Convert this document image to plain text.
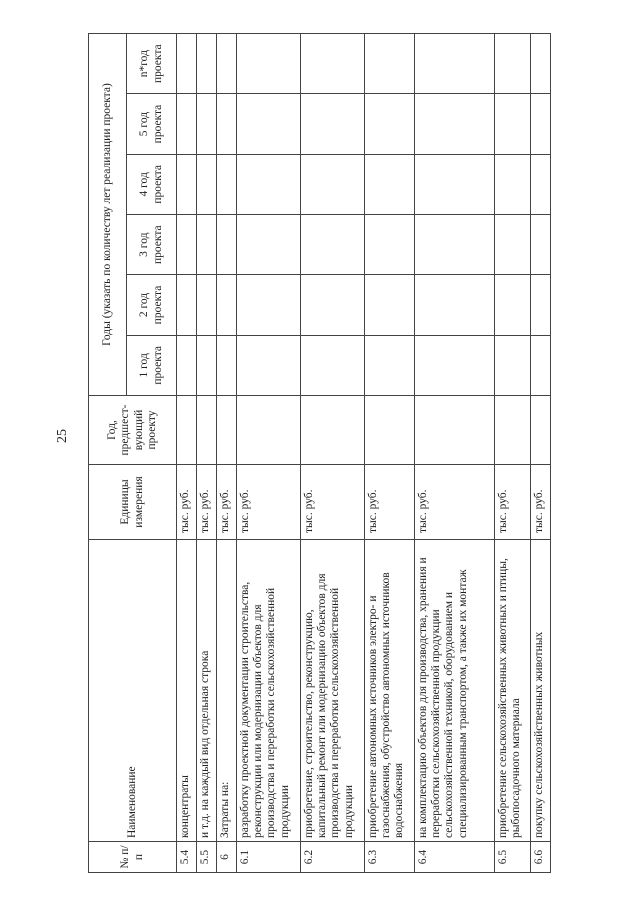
25
№ п/п	Наименование	Единицы измерения	Год, предшест-вующий проекту	Годы (указать по количеству лет реализации проекта)					
				1 год проекта	2 год проекта	3 год проекта	4 год проекта	5 год проекта	n*год проекта
5.4	концентраты	тыс. руб.							
5.5	и т.д. на каждый вид отдельная строка	тыс. руб.							
6	Затраты на:	тыс. руб.							
6.1	разработку проектной документации строительства, реконструкции или модернизации объектов для производства и переработки сельскохозяйственной продукции	тыс. руб.							
6.2	приобретение, строительство, реконструкцию, капитальный ремонт или модернизацию объектов для производства и переработки сельскохозяйственной продукции	тыс. руб.							
6.3	приобретение автономных источников электро- и газоснабжения, обустройство автономных источников водоснабжения	тыс. руб.							
6.4	на комплектацию объектов для производства, хранения и переработки сельскохозяйственной продукции сельскохозяйственной техникой, оборудованием и специализированным транспортом, а также их монтаж	тыс. руб.							
6.5	приобретение сельскохозяйственных животных и птицы, рыбопосадочного материала	тыс. руб.							
6.6	покупку сельскохозяйственных животных	тыс. руб.							
